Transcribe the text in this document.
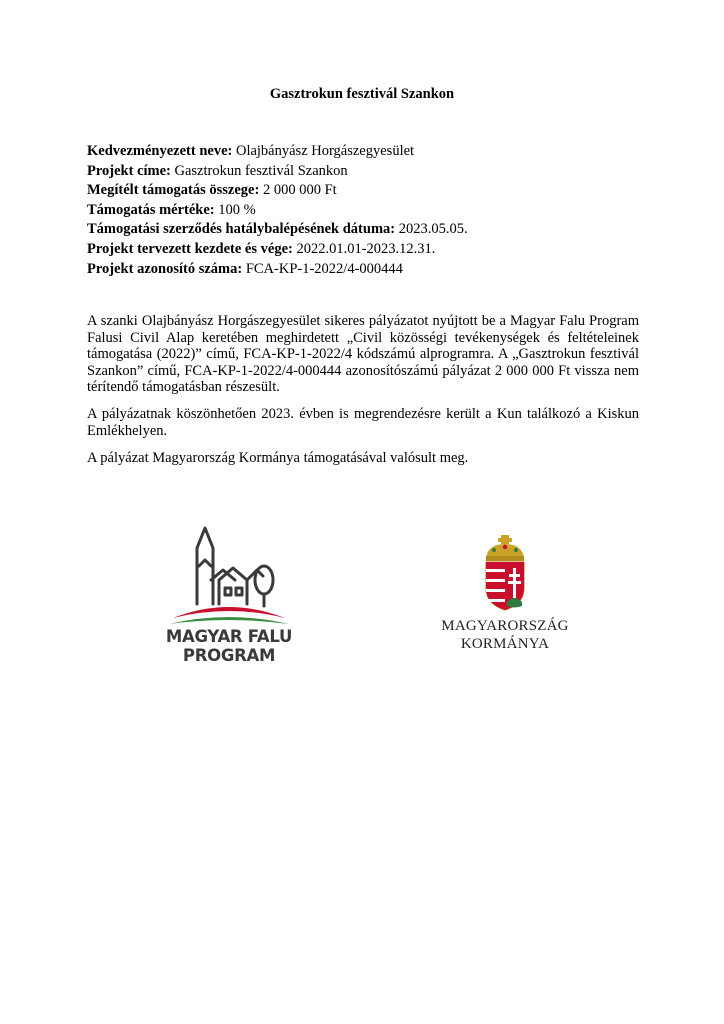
Gasztrokun fesztivál Szankon
Kedvezményezett neve: Olajbányász Horgászegyesület
Projekt címe: Gasztrokun fesztivál Szankon
Megítélt támogatás összege: 2 000 000 Ft
Támogatás mértéke: 100 %
Támogatási szerződés hatálybalépésének dátuma: 2023.05.05.
Projekt tervezett kezdete és vége: 2022.01.01-2023.12.31.
Projekt azonosító száma: FCA-KP-1-2022/4-000444

A szanki Olajbányász Horgászegyesület sikeres pályázatot nyújtott be a Magyar Falu Program Falusi Civil Alap keretében meghirdetett „Civil közösségi tevékenységek és feltételeinek támogatása (2022)” című, FCA-KP-1-2022/4 kódszámú alprogramra. A „Gasztrokun fesztivál Szankon” című, FCA-KP-1-2022/4-000444 azonosítószámú pályázat 2 000 000 Ft vissza nem térítendő támogatásban részesült.

A pályázatnak köszönhetően 2023. évben is megrendezésre került a Kun találkozó a Kiskun Emlékhelyen.

A pályázat Magyarország Kormánya támogatásával valósult meg.

MAGYAR FALU
PROGRAM
MAGYARORSZÁG
KORMÁNYA
